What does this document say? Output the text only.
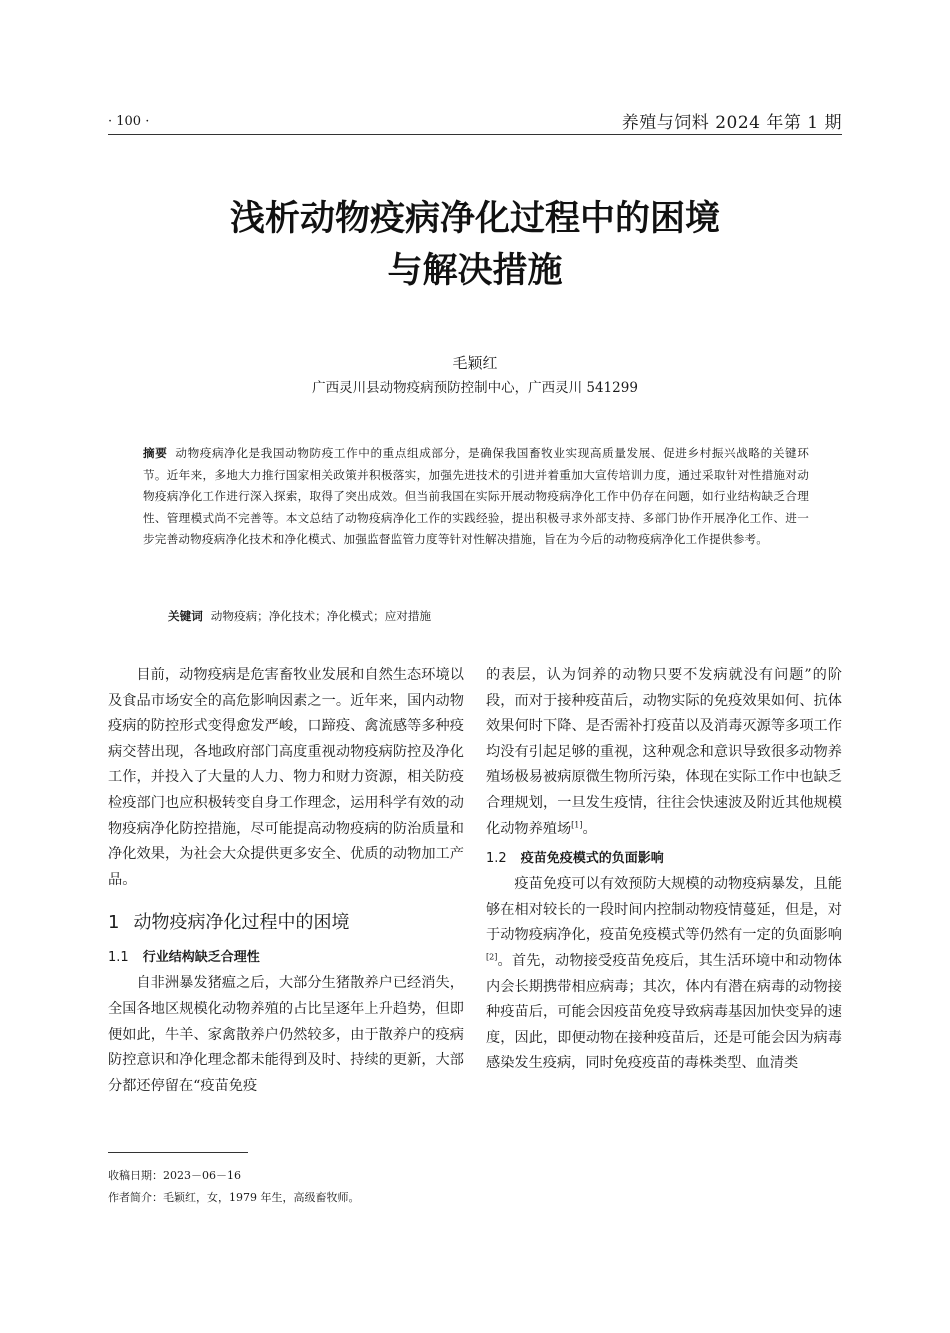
· 100 ·	养殖与饲料 2024 年第 1 期
浅析动物疫病净化过程中的困境
与解决措施
毛颖红
广西灵川县动物疫病预防控制中心，广西灵川 541299
摘要 动物疫病净化是我国动物防疫工作中的重点组成部分，是确保我国畜牧业实现高质量发展、促进乡村振兴战略的关键环节。近年来，多地大力推行国家相关政策并积极落实，加强先进技术的引进并着重加大宣传培训力度，通过采取针对性措施对动物疫病净化工作进行深入探索，取得了突出成效。但当前我国在实际开展动物疫病净化工作中仍存在问题，如行业结构缺乏合理性、管理模式尚不完善等。本文总结了动物疫病净化工作的实践经验，提出积极寻求外部支持、多部门协作开展净化工作、进一步完善动物疫病净化技术和净化模式、加强监督监管力度等针对性解决措施，旨在为今后的动物疫病净化工作提供参考。
关键词 动物疫病；净化技术；净化模式；应对措施

目前，动物疫病是危害畜牧业发展和自然生态环境以及食品市场安全的高危影响因素之一。近年来，国内动物疫病的防控形式变得愈发严峻，口蹄疫、禽流感等多种疫病交替出现，各地政府部门高度重视动物疫病防控及净化工作，并投入了大量的人力、物力和财力资源，相关防疫检疫部门也应积极转变自身工作理念，运用科学有效的动物疫病净化防控措施，尽可能提高动物疫病的防治质量和净化效果，为社会大众提供更多安全、优质的动物加工产品。

1 动物疫病净化过程中的困境
1.1 行业结构缺乏合理性

自非洲暴发猪瘟之后，大部分生猪散养户已经消失，全国各地区规模化动物养殖的占比呈逐年上升趋势，但即便如此，牛羊、家禽散养户仍然较多，由于散养户的疫病防控意识和净化理念都未能得到及时、持续的更新，大部分都还停留在“疫苗免疫

的表层，认为饲养的动物只要不发病就没有问题”的阶段，而对于接种疫苗后，动物实际的免疫效果如何、抗体效果何时下降、是否需补打疫苗以及消毒灭源等多项工作均没有引起足够的重视，这种观念和意识导致很多动物养殖场极易被病原微生物所污染，体现在实际工作中也缺乏合理规划，一旦发生疫情，往往会快速波及附近其他规模化动物养殖场[1]。

1.2 疫苗免疫模式的负面影响

疫苗免疫可以有效预防大规模的动物疫病暴发，且能够在相对较长的一段时间内控制动物疫情蔓延，但是，对于动物疫病净化，疫苗免疫模式等仍然有一定的负面影响[2]。首先，动物接受疫苗免疫后，其生活环境中和动物体内会长期携带相应病毒；其次，体内有潜在病毒的动物接种疫苗后，可能会因疫苗免疫导致病毒基因加快变异的速度，因此，即便动物在接种疫苗后，还是可能会因为病毒感染发生疫病，同时免疫疫苗的毒株类型、血清类

收稿日期：2023－06－16
作者简介：毛颖红，女，1979 年生，高级畜牧师。
